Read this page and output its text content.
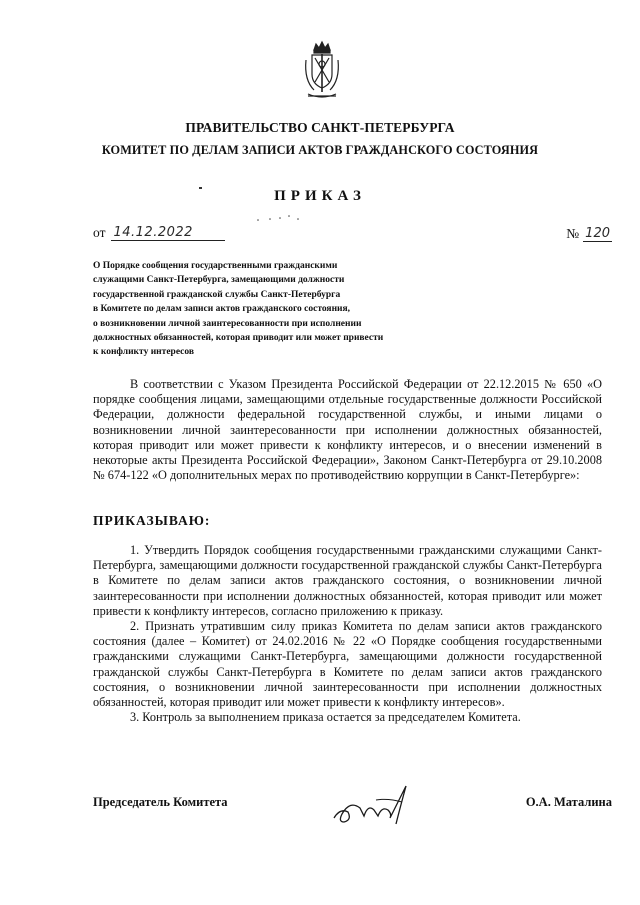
ПРАВИТЕЛЬСТВО САНКТ-ПЕТЕРБУРГА
КОМИТЕТ ПО ДЕЛАМ ЗАПИСИ АКТОВ ГРАЖДАНСКОГО СОСТОЯНИЯ
ПРИКАЗ
от 14.12.2022	№ 120
О Порядке сообщения государственными гражданскими
служащими Санкт-Петербурга, замещающими должности
государственной гражданской службы Санкт-Петербурга
в Комитете по делам записи актов гражданского состояния,
о возникновении личной заинтересованности при исполнении
должностных обязанностей, которая приводит или может привести
к конфликту интересов
В соответствии с Указом Президента Российской Федерации от 22.12.2015 № 650 «О порядке сообщения лицами, замещающими отдельные государственные должности Российской Федерации, должности федеральной государственной службы, и иными лицами о возникновении личной заинтересованности при исполнении должностных обязанностей, которая приводит или может привести к конфликту интересов, и о внесении изменений в некоторые акты Президента Российской Федерации», Законом Санкт-Петербурга от 29.10.2008 № 674-122 «О дополнительных мерах по противодействию коррупции в Санкт-Петербурге»:
ПРИКАЗЫВАЮ:

1. Утвердить Порядок сообщения государственными гражданскими служащими Санкт-Петербурга, замещающими должности государственной гражданской службы Санкт-Петербурга в Комитете по делам записи актов гражданского состояния, о возникновении личной заинтересованности при исполнении должностных обязанностей, которая приводит или может привести к конфликту интересов, согласно приложению к приказу.

2. Признать утратившим силу приказ Комитета по делам записи актов гражданского состояния (далее – Комитет) от 24.02.2016 № 22 «О Порядке сообщения государственными гражданскими служащими Санкт-Петербурга, замещающими должности государственной гражданской службы Санкт-Петербурга в Комитете по делам записи актов гражданского состояния, о возникновении личной заинтересованности при исполнении должностных обязанностей, которая приводит или может привести к конфликту интересов».

3. Контроль за выполнением приказа остается за председателем Комитета.

Председатель Комитета	О.А. Маталина
